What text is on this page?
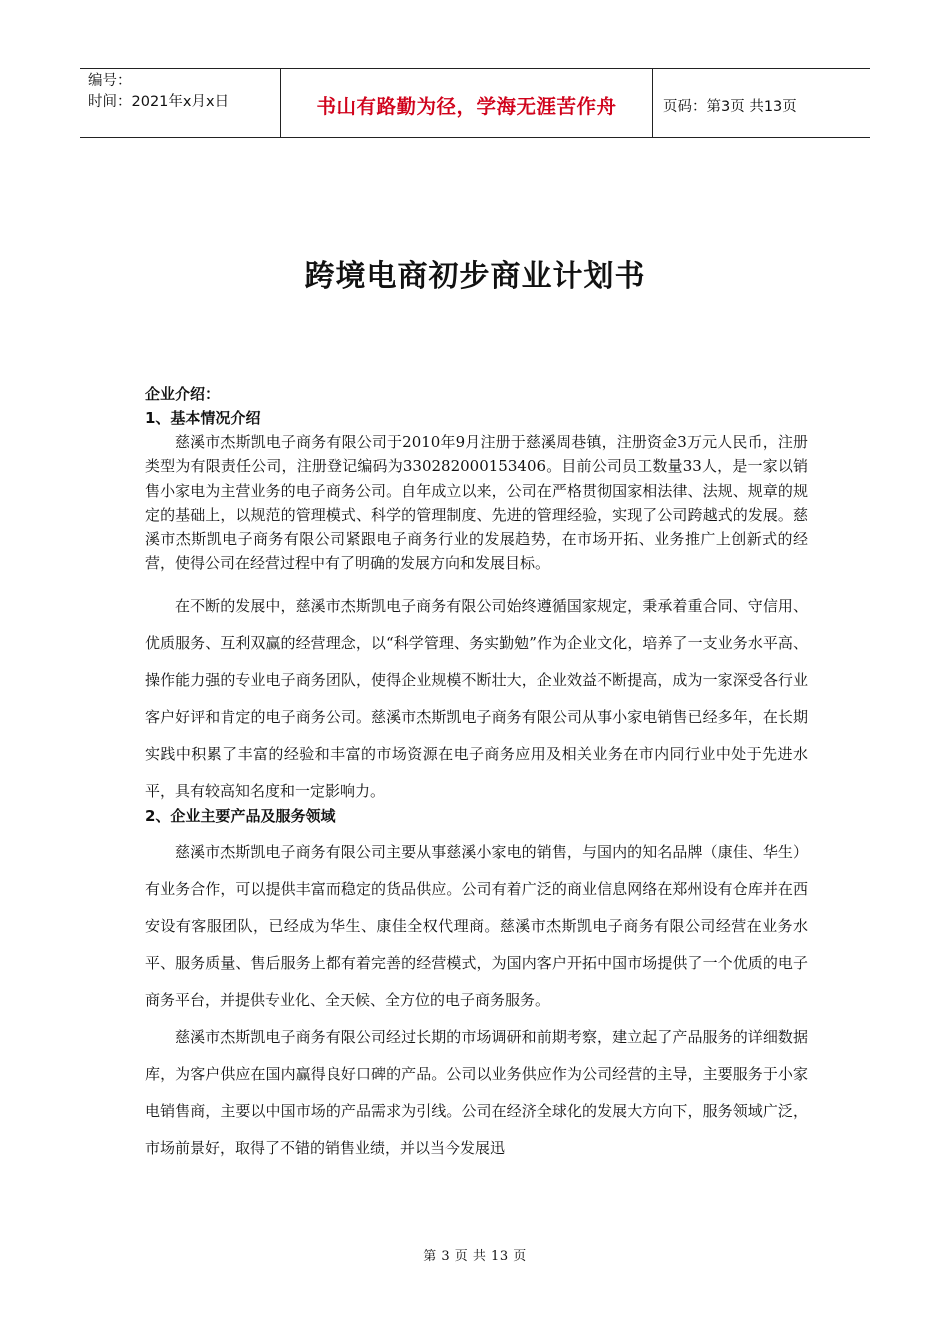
编号：
时间：2021年x月x日	书山有路勤为径，学海无涯苦作舟	页码：第3页 共13页
跨境电商初步商业计划书
企业介绍：
1、基本情况介绍

慈溪市杰斯凯电子商务有限公司于2010年9月注册于慈溪周巷镇，注册资金3万元人民币，注册类型为有限责任公司，注册登记编码为330282000153406。目前公司员工数量33人，是一家以销售小家电为主营业务的电子商务公司。自年成立以来，公司在严格贯彻国家相法律、法规、规章的规定的基础上，以规范的管理模式、科学的管理制度、先进的管理经验，实现了公司跨越式的发展。慈溪市杰斯凯电子商务有限公司紧跟电子商务行业的发展趋势，在市场开拓、业务推广上创新式的经营，使得公司在经营过程中有了明确的发展方向和发展目标。

在不断的发展中，慈溪市杰斯凯电子商务有限公司始终遵循国家规定，秉承着重合同、守信用、优质服务、互利双赢的经营理念，以“科学管理、务实勤勉”作为企业文化，培养了一支业务水平高、操作能力强的专业电子商务团队，使得企业规模不断壮大，企业效益不断提高，成为一家深受各行业客户好评和肯定的电子商务公司。慈溪市杰斯凯电子商务有限公司从事小家电销售已经多年，在长期实践中积累了丰富的经验和丰富的市场资源在电子商务应用及相关业务在市内同行业中处于先进水平，具有较高知名度和一定影响力。

2、企业主要产品及服务领域

慈溪市杰斯凯电子商务有限公司主要从事慈溪小家电的销售，与国内的知名品牌（康佳、华生）有业务合作，可以提供丰富而稳定的货品供应。公司有着广泛的商业信息网络在郑州设有仓库并在西安设有客服团队，已经成为华生、康佳全权代理商。慈溪市杰斯凯电子商务有限公司经营在业务水平、服务质量、售后服务上都有着完善的经营模式，为国内客户开拓中国市场提供了一个优质的电子商务平台，并提供专业化、全天候、全方位的电子商务服务。

慈溪市杰斯凯电子商务有限公司经过长期的市场调研和前期考察，建立起了产品服务的详细数据库，为客户供应在国内赢得良好口碑的产品。公司以业务供应作为公司经营的主导，主要服务于小家电销售商，主要以中国市场的产品需求为引线。公司在经济全球化的发展大方向下，服务领域广泛，市场前景好，取得了不错的销售业绩，并以当今发展迅

第 3 页 共 13 页
